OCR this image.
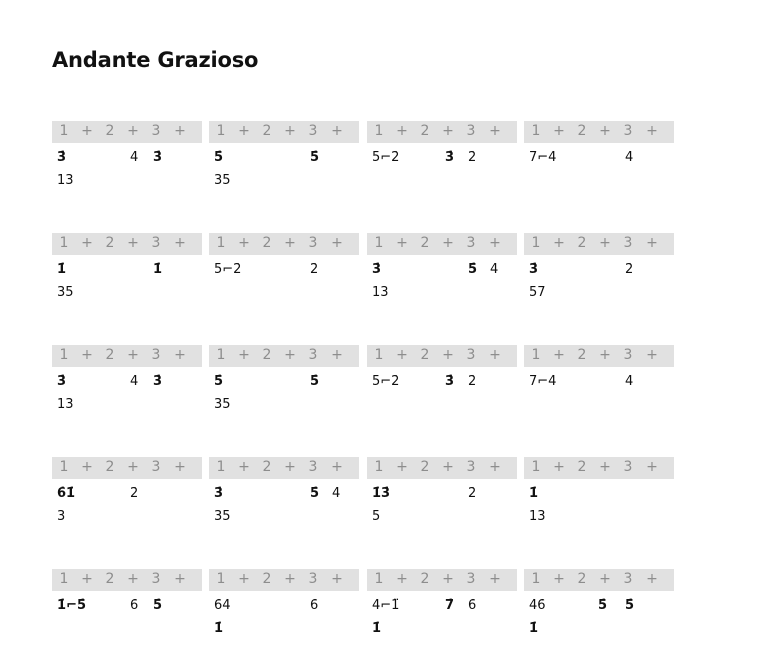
Andante Grazioso
1 + 2 + 3 +
3̇	4̇ 3̇
13
1 + 2 + 3 +
5̇	5̇
35
1 + 2 + 3 +
5⌐2̇	3̇ 2̇
1 + 2 + 3 +
7⌐4̇	4̇
1 + 2 + 3 +
1̇	1̇
35
1 + 2 + 3 +
5⌐2̇	2̇
1 + 2 + 3 +
3̇	5̇ 4̇
13
1 + 2 + 3 +
3̇	2̇
57
1 + 2 + 3 +
3̇	4̇ 3̇
13
1 + 2 + 3 +
5̇	5̇
35
1 + 2 + 3 +
5⌐2̇	3̇ 2̇
1 + 2 + 3 +
7⌐4̇	4̇
1 + 2 + 3 +
6̇1̇	2̇
3
1 + 2 + 3 +
3̇	5̇ 4̇
35
1 + 2 + 3 +
1̇3̇	2̇
5
1 + 2 + 3 +
1̇
13
1 + 2 + 3 +
1̇⌐5̇	6̇ 5̇
1 + 2 + 3 +
6̇4̇	6̇
1̇
1 + 2 + 3 +
4̇⌐1̈	7̇ 6̇
1̇
1 + 2 + 3 +
4̇6̇	5̇ 5̇
1̇
